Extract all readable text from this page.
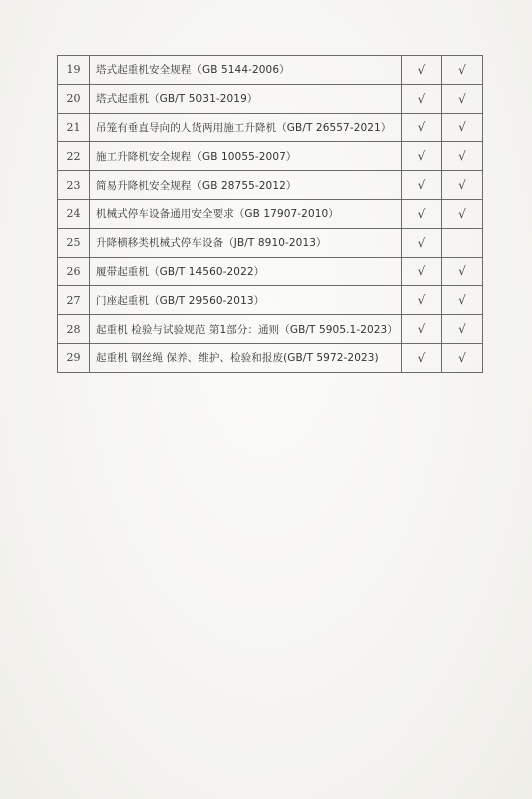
19	塔式起重机安全规程（GB 5144-2006）	√	√
20	塔式起重机（GB/T 5031-2019）	√	√
21	吊笼有垂直导向的人货两用施工升降机（GB/T 26557-2021）	√	√
22	施工升降机安全规程（GB 10055-2007）	√	√
23	简易升降机安全规程（GB 28755-2012）	√	√
24	机械式停车设备通用安全要求（GB 17907-2010）	√	√
25	升降横移类机械式停车设备（JB/T 8910-2013）	√	
26	履带起重机（GB/T 14560-2022）	√	√
27	门座起重机（GB/T 29560-2013）	√	√
28	起重机 检验与试验规范 第1部分：通则（GB/T 5905.1-2023）	√	√
29	起重机 钢丝绳 保养、维护、检验和报废(GB/T 5972-2023)	√	√
